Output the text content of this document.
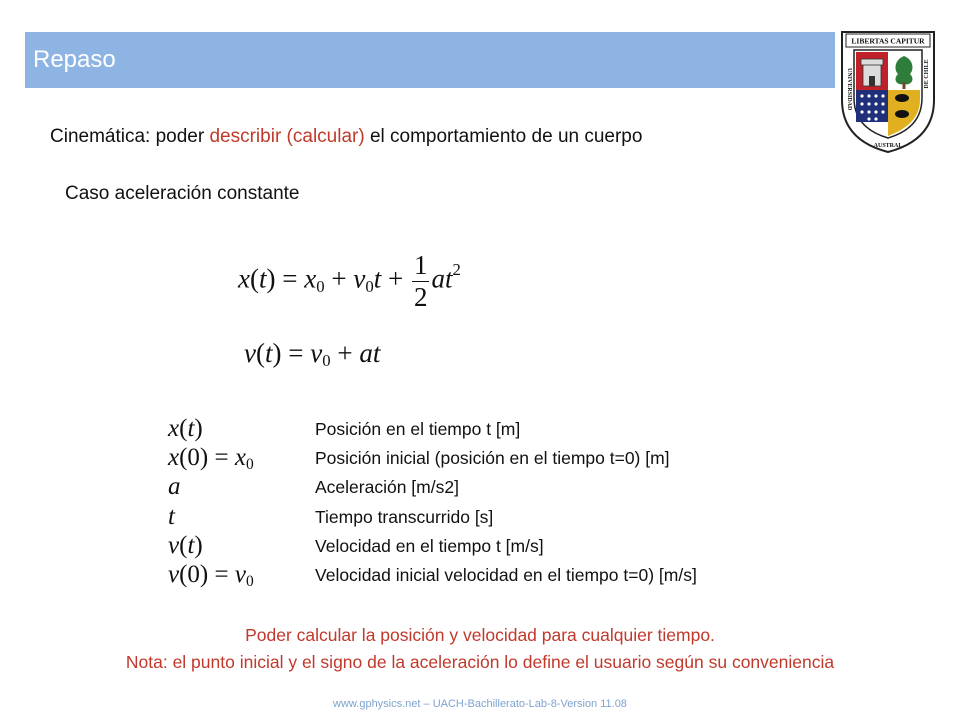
Repaso
LIBERTAS CAPITUR
UNIVERSIDAD
AUSTRAL
DE CHILE
Cinemática: poder describir (calcular) el comportamiento de un cuerpo
Caso aceleración constante
$x(t) = x_0 + v_0t + \frac{1}{2} at^2$
$v(t) = v_0$ + at
x(t)
$x(0) = x_0$
a
t
v(t)
$v(0) = v_0$
Posición en el tiempo t [m]
Posición inicial (posición en el tiempo t=0) [m]
Aceleración [m/s2]
Tiempo transcurrido [s]
Velocidad en el tiempo t [m/s]
Velocidad inicial velocidad en el tiempo t=0) [m/s]
Poder calcular la posición y velocidad para cualquier tiempo.
Nota: el punto inicial y el signo de la aceleración lo define el usuario según su conveniencia
www.gphysics.net – UACH-Bachillerato-Lab-8-Version 11.08
